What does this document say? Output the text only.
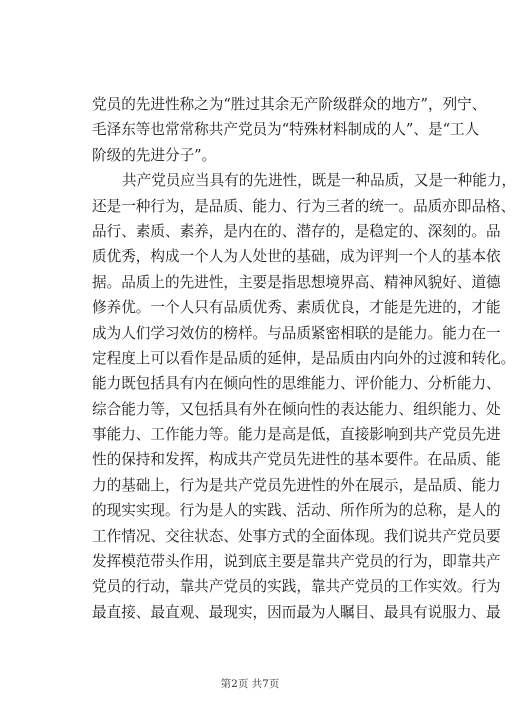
党员的先进性称之为“胜过其余无产阶级群众的地方”，列宁、
毛泽东等也常常称共产党员为“特殊材料制成的人”、是“工人
阶级的先进分子”。
共产党员应当具有的先进性，既是一种品质，又是一种能力，
还是一种行为，是品质、能力、行为三者的统一。品质亦即品格、
品行、素质、素养，是内在的、潜存的，是稳定的、深刻的。品
质优秀，构成一个人为人处世的基础，成为评判一个人的基本依
据。品质上的先进性，主要是指思想境界高、精神风貌好、道德
修养优。一个人只有品质优秀、素质优良，才能是先进的，才能
成为人们学习效仿的榜样。与品质紧密相联的是能力。能力在一
定程度上可以看作是品质的延伸，是品质由内向外的过渡和转化。
能力既包括具有内在倾向性的思维能力、评价能力、分析能力、
综合能力等，又包括具有外在倾向性的表达能力、组织能力、处
事能力、工作能力等。能力是高是低，直接影响到共产党员先进
性的保持和发挥，构成共产党员先进性的基本要件。在品质、能
力的基础上，行为是共产党员先进性的外在展示，是品质、能力
的现实实现。行为是人的实践、活动、所作所为的总称，是人的
工作情况、交往状态、处事方式的全面体现。我们说共产党员要
发挥模范带头作用，说到底主要是靠共产党员的行为，即靠共产
党员的行动，靠共产党员的实践，靠共产党员的工作实效。行为
最直接、最直观、最现实，因而最为人瞩目、最具有说服力、最
第2页 共7页
